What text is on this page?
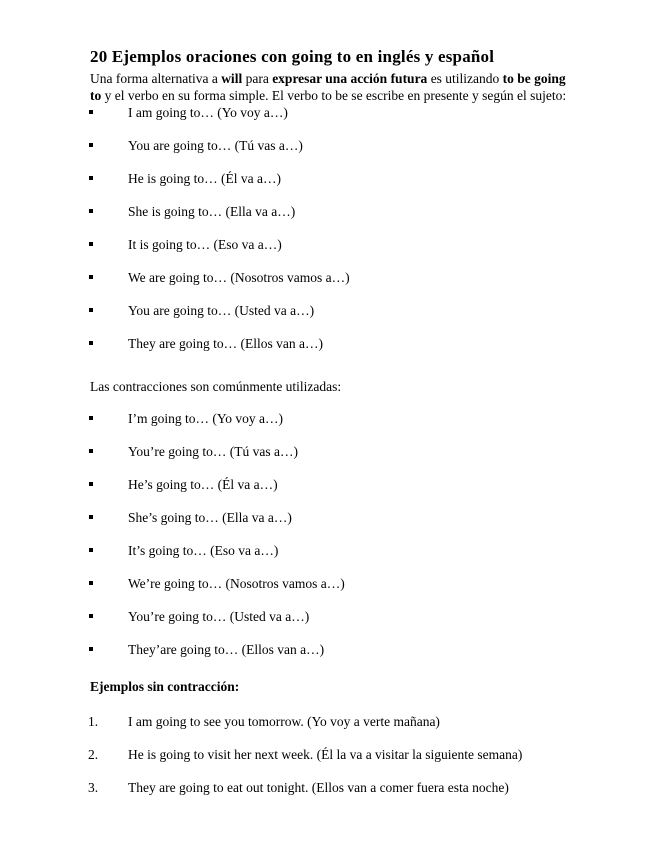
20 Ejemplos oraciones con going to en inglés y español

Una forma alternativa a will para expresar una acción futura es utilizando to be going to y el verbo en su forma simple. El verbo to be se escribe en presente y según el sujeto:

I am going to… (Yo voy a…)
You are going to… (Tú vas a…)
He is going to… (Él va a…)
She is going to… (Ella va a…)
It is going to… (Eso va a…)
We are going to… (Nosotros vamos a…)
You are going to… (Usted va a…)
They are going to… (Ellos van a…)

Las contracciones son comúnmente utilizadas:

I’m going to… (Yo voy a…)
You’re going to… (Tú vas a…)
He’s going to… (Él va a…)
She’s going to… (Ella va a…)
It’s going to… (Eso va a…)
We’re going to… (Nosotros vamos a…)
You’re going to… (Usted va a…)
They’are going to… (Ellos van a…)

Ejemplos sin contracción:

1. I am going to see you tomorrow. (Yo voy a verte mañana)
2. He is going to visit her next week. (Él la va a visitar la siguiente semana)
3. They are going to eat out tonight. (Ellos van a comer fuera esta noche)
